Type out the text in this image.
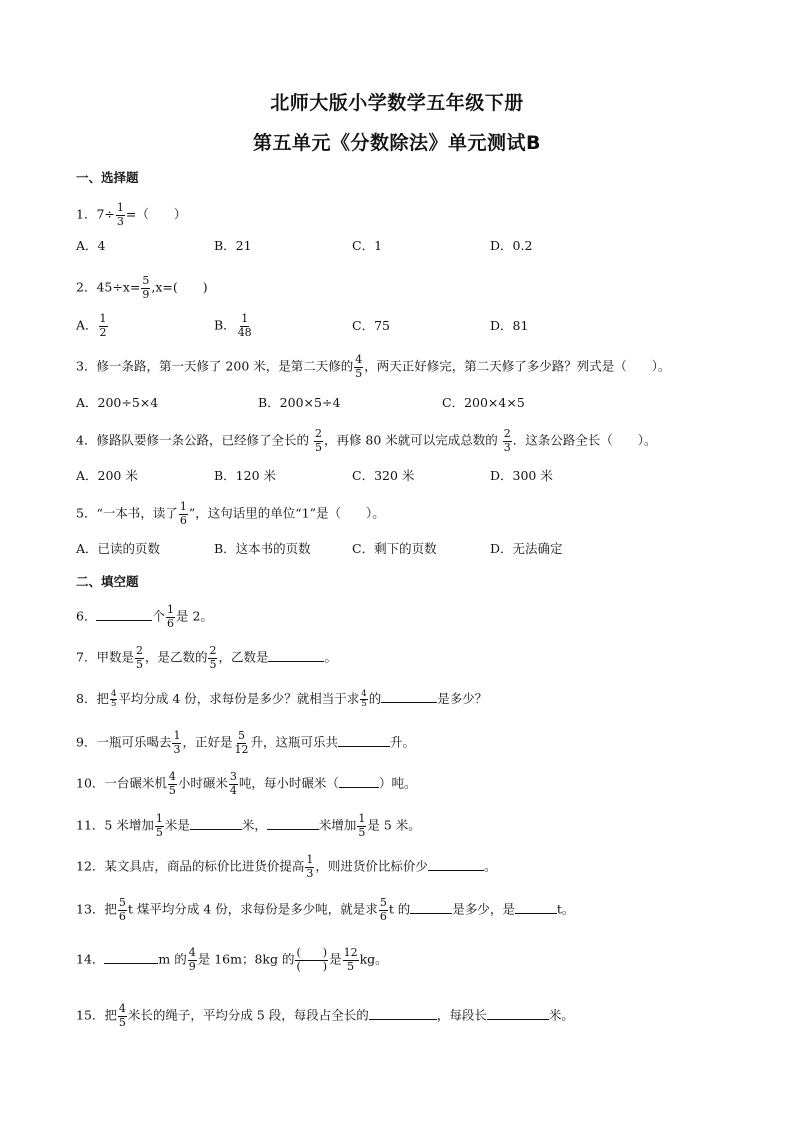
北师大版小学数学五年级下册
第五单元《分数除法》单元测试B
一、选择题
1．$7\div \frac{1}{3}$ =（　　）
A．4	B．21	C．1	D．0.2
2．$45\div x= \frac{5}{9} ,x=$(　　)
A． $\frac{1}{2}$	B． $\frac{1}{48}$	C．75	D．81
3．修一条路，第一天修了 200 米，是第二天修的 $\frac{4}{5}$ ，两天正好修完，第二天修了多少路？列式是（　　）。
A．200÷5×4	B．200×5÷4	C．200×4×5
4．修路队要修一条公路，已经修了全长的 $\frac{2}{5}$ ，再修 80 米就可以完成总数的 $\frac{2}{3}$ ．这条公路全长（　　）。
A．200 米	B．120 米	C．320 米	D．300 米
5．“一本书，读了 $\frac{1}{6}$ ”，这句话里的单位“1”是（　　）。
A．已读的页数	B．这本书的页数	C．剩下的页数	D．无法确定
二、填空题
6．	个 $\frac{1}{6}$ 是 2。
7．甲数是 $\frac{2}{5}$ ，是乙数的 $\frac{2}{5}$ ，乙数是	。
8．把 $\frac{4}{5}$ 平均分成 4 份，求每份是多少？就相当于求 $\frac{4}{5}$ 的	是多少？
9．一瓶可乐喝去 $\frac{1}{3}$ ，正好是 $\frac{5}{12}$ 升，这瓶可乐共	升。
10．一台碾米机 $\frac{4}{5}$ 小时碾米 $\frac{3}{4}$ 吨，每小时碾米（	）吨。
11．5 米增加 $\frac{1}{5}$ 米是	米，	米增加 $\frac{1}{5}$ 是 5 米。
12．某文具店，商品的标价比进货价提高 $\frac{1}{3}$ ，则进货价比标价少	。
13．把 $\frac{5}{6}$ t 煤平均分成 4 份，求每份是多少吨，就是求 $\frac{5}{6}$ t 的	是多少，是	t。
14．	m 的 $\frac{4}{9}$ 是 16m；8kg 的 $\frac{( )}{( )}$ 是 $\frac{12}{5}$ kg。
15．把 $\frac{4}{5}$ 米长的绳子，平均分成 5 段，每段占全长的	，每段长	米。
